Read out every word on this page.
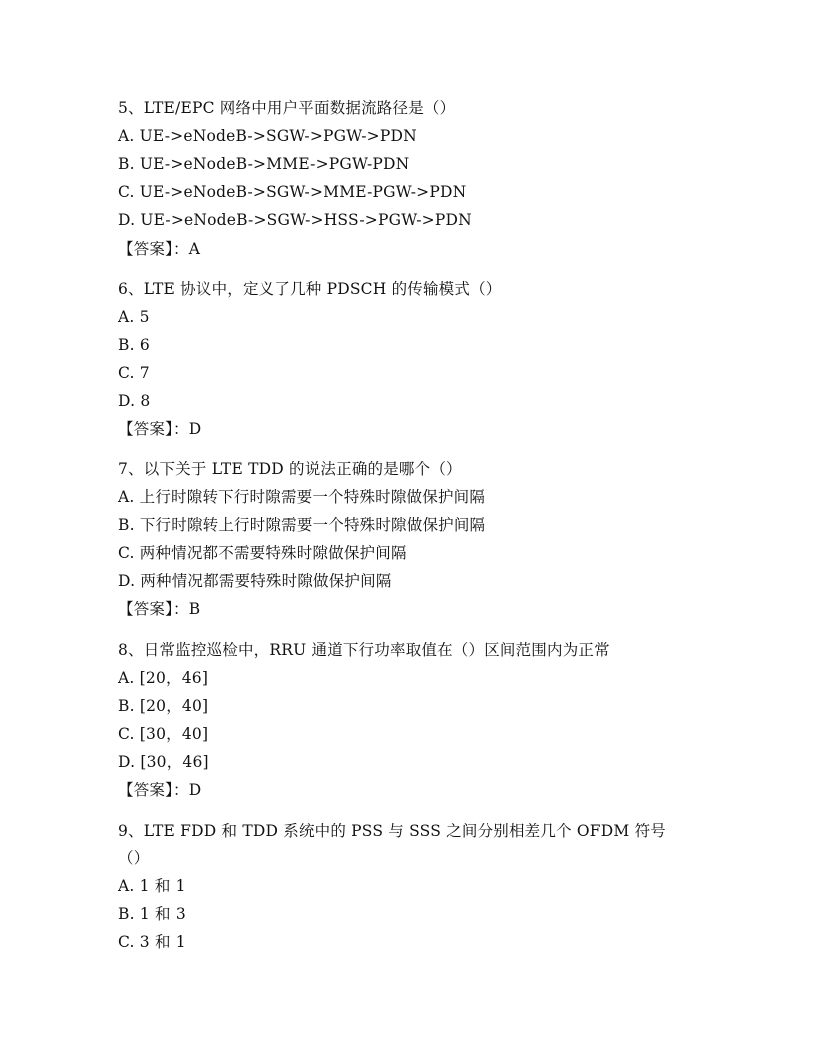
5、LTE/EPC 网络中用户平面数据流路径是（）
A. UE->eNodeB->SGW->PGW->PDN
B. UE->eNodeB->MME->PGW-PDN
C. UE->eNodeB->SGW->MME-PGW->PDN
D. UE->eNodeB->SGW->HSS->PGW->PDN
【答案】：A
6、LTE 协议中，定义了几种 PDSCH 的传输模式（）
A. 5
B. 6
C. 7
D. 8
【答案】：D
7、以下关于 LTE TDD 的说法正确的是哪个（）
A. 上行时隙转下行时隙需要一个特殊时隙做保护间隔
B. 下行时隙转上行时隙需要一个特殊时隙做保护间隔
C. 两种情况都不需要特殊时隙做保护间隔
D. 两种情况都需要特殊时隙做保护间隔
【答案】：B
8、日常监控巡检中，RRU 通道下行功率取值在（）区间范围内为正常
A. [20，46]
B. [20，40]
C. [30，40]
D. [30，46]
【答案】：D
9、LTE FDD 和 TDD 系统中的 PSS 与 SSS 之间分别相差几个 OFDM 符号
（）
A. 1 和 1
B. 1 和 3
C. 3 和 1
